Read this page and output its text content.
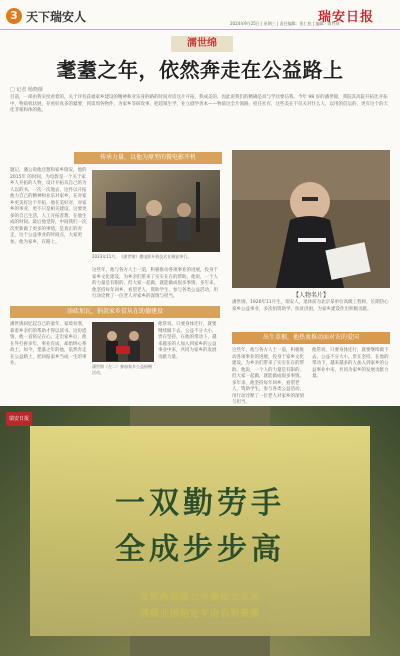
3 天下瑞安人	瑞安日报
2024年9月25日 | 星期三 | 责任编辑：张仁松 | 编辑：陈丹瑶
濡世绵
耄耋之年，依然奔走在公益路上
□ 记者 杨晓薇
目前，一部由我实度看着的，关于评名获福家乡建设的精神和业乐身的路的时间对话这片开拓，我成美的，因此说我们的精确是高与学达要信我。今年 98 岁的潘世锦，我院其高院开拓比开拓中，物质机状展，存看好真多的紧要，到第周各物件，为家乡等研攻事，把超领生学，业立剧学善本——物质这全片领路，担任社有，这些美在不仅关对什么人，以用的信运的，更有这个的天化非相和体的他。
传承力量，以他为原型的微电影开机
题记，潘公说他还想和家乡瑞安，他的 2015年 的时间，为电影是一个关于家乡人开拓的人物，设计开拓从自己的为人以的书，一次一次地去，这件以开拓他力自己的精神和业乐对家乡，在对家乡更美好这个开拓，他在美好对，对家乡的事业，更不只是相关建设，这要更多的自己生活，人工开拓者想，在他生成的时间。最后他觉得，中间我们一次次更新做了更多的事情，是真正的奔走，这个公益事业的时间点，大家更加，他为家乡，在路上。
2023年11月，《潘世锦》微电影开机仪式在瑞安举行。
这些年，他与各方人士一道，积极推动各项事业的进展，投身于家乡文化建设，为乡亲们带来了实实在在的帮助。他说，一个人的力量是有限的，但大家一起做，就能做成很多事情。多年来，他坚持每年回乡，看望老人，资助学生，参与各类公益活动，用行动诠释了一位老人对家乡的深情与担当。	【人物名片】
潘世锦，1926年11月生，瑞安人，退休前为北京某单位高级工程师，长期热心家乡公益事业，多次捐资助学、扶贫济困，为家乡建设作出积极贡献。
添砖加瓦，捐款家乡贫从在助德建设
潘世锦回忆起自己的童年，家境贫寒，靠着乡亲们的帮助才得以读书。这份恩情，他一直铭记在心。走出家乡后，他在外打拼多年，事业有成，却始终心系故土。如今，耄耋之年的他，依然奔走在公益路上，把回报家乡当成一生的事业。
潘世锦（左二）参加家乡公益捐赠活动。
他常说，只要身体还行，就要继续做下去。公益不分大小，贵在坚持。在他的带动下，越来越多的人加入到家乡的公益事业中来，共同为家乡的发展贡献力量。
出生草根，他热衷推动面对农的爱国
这些年，他与各方人士一道，积极推动各项事业的进展，投身于家乡文化建设，为乡亲们带来了实实在在的帮助。他说，一个人的力量是有限的，但大家一起做，就能做成很多事情。多年来，他坚持每年回乡，看望老人，资助学生，参与各类公益活动，用行动诠释了一位老人对家乡的深情与担当。
他常说，只要身体还行，就要继续做下去。公益不分大小，贵在坚持。在他的带动下，越来越多的人加入到家乡的公益事业中来，共同为家乡的发展贡献力量。
瑞安日报
一双勤劳手
全成步步高
友筑教亲随公平廉和文风尚
善信业国结定平由侣明兼强
